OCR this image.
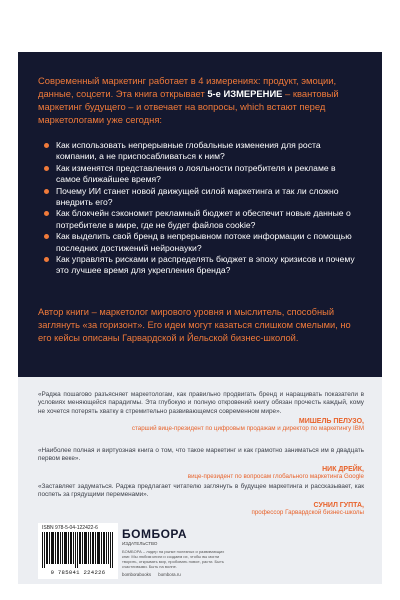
Современный маркетинг работает в 4 измерениях: продукт, эмоции, данные, соцсети. Эта книга открывает 5-е ИЗМЕРЕНИЕ – квантовый маркетинг будущего – и отвечает на вопросы, which встают перед маркетологами уже сегодня:
Как использовать непрерывные глобальные изменения для роста компании, а не приспосабливаться к ним?
Как изменятся представления о лояльности потребителя и рекламе в самое ближайшее время?
Почему ИИ станет новой движущей силой маркетинга и так ли сложно внедрить его?
Как блокчейн сэкономит рекламный бюджет и обеспечит новые данные о потребителе в мире, где не будет файлов cookie?
Как выделить свой бренд в непрерывном потоке информации с помощью последних достижений нейронауки?
Как управлять рисками и распределять бюджет в эпоху кризисов и почему это лучшее время для укрепления бренда?

Автор книги – маркетолог мирового уровня и мыслитель, способный заглянуть «за горизонт». Его идеи могут казаться слишком смелыми, но его кейсы описаны Гарвардской и Йельской бизнес-школой.

«Раджа пошагово разъясняет маркетологам, как правильно продвигать бренд и наращивать показатели в условиях меняющейся парадигмы. Эта глубокую и полную откровений книгу обязан прочесть каждый, кому не хочется потерять хватку в стремительно развивающемся современном мире».

МИШЕЛЬ ПЕЛУЗО,
старший вице-президент по цифровым продажам и директор по маркетингу IBM

«Наиболее полная и виртуозная книга о том, что такое маркетинг и как грамотно заниматься им в двадцать первом веке».

НИК ДРЕЙК,
вице-президент по вопросам глобального маркетинга Google

«Заставляет задуматься. Раджа предлагает читателю заглянуть в будущее маркетинга и рассказывает, как поспеть за грядущими переменами».

СУНИЛ ГУПТА,
профессор Гарвардской бизнес-школы
ISBN 978-5-04-122422-6
9 785041 224226
БОМБОРА
ИЗДАТЕЛЬСТВО

БОМБОРА – лидер на рынке полезных и развивающих книг. Мы любим книги и создаем их, чтобы вы могли творить, открывать мир, пробовать новое, расти. Быть счастливыми. Быть на волне.

bomborabooks bombora.ru
